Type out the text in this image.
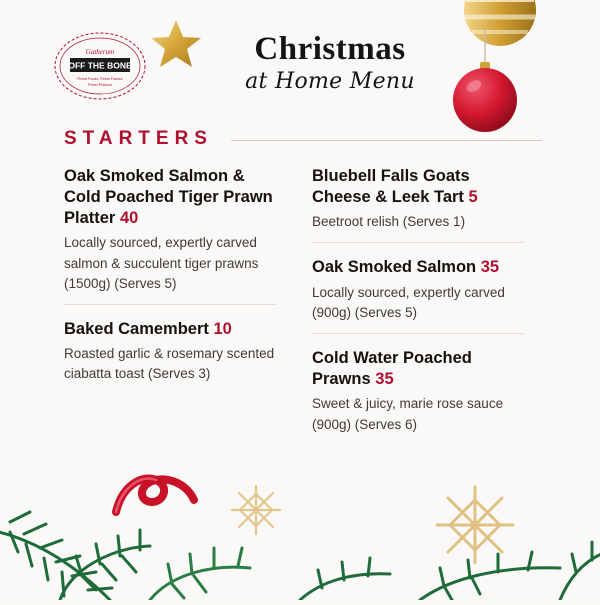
Gatherum
OFF THE BONE
Finest Foods, Finest Flavour
Finest Produce
Christmas
at Home Menu
STARTERS

Oak Smoked Salmon & Cold Poached Tiger Prawn Platter 40

Locally sourced, expertly carved salmon & succulent tiger prawns (1500g) (Serves 5)

Baked Camembert 10

Roasted garlic & rosemary scented ciabatta toast (Serves 3)

Bluebell Falls Goats Cheese & Leek Tart 5

Beetroot relish (Serves 1)

Oak Smoked Salmon 35

Locally sourced, expertly carved (900g) (Serves 5)

Cold Water Poached Prawns 35

Sweet & juicy, marie rose sauce (900g) (Serves 6)
